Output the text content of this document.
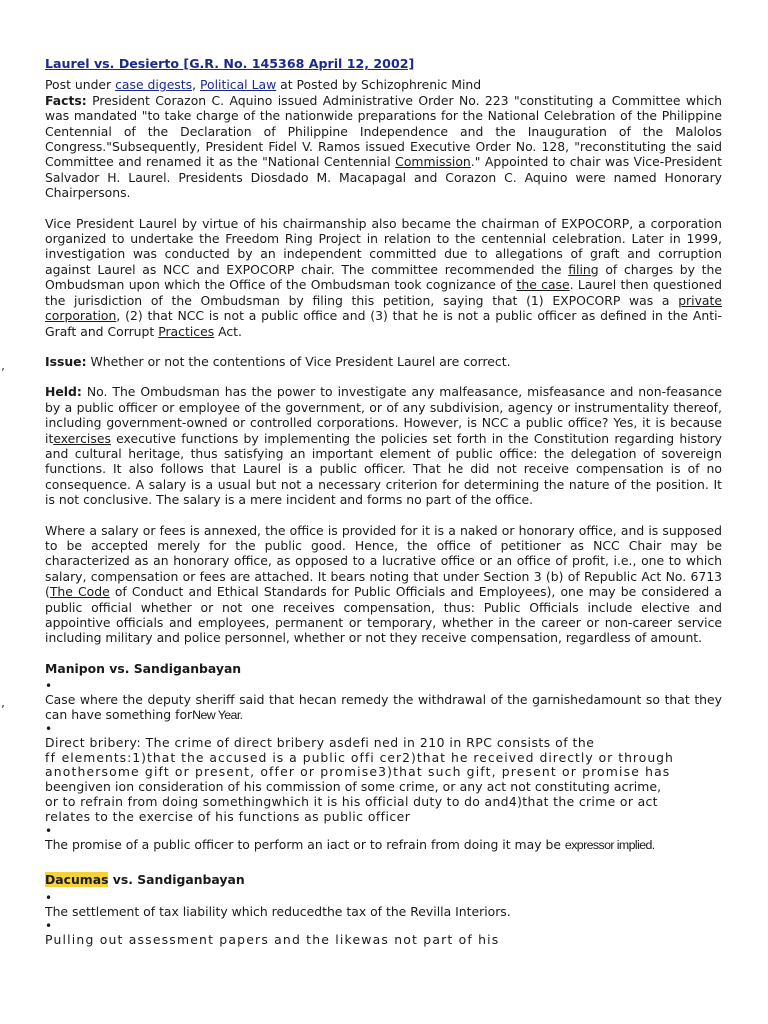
’
’
Laurel vs. Desierto [G.R. No. 145368 April 12, 2002]

Post under case digests, Political Law at Posted by Schizophrenic Mind

Facts: President Corazon C. Aquino issued Administrative Order No. 223 "constituting a Committee which was mandated "to take charge of the nationwide preparations for the National Celebration of the Philippine Centennial of the Declaration of Philippine Independence and the Inauguration of the Malolos Congress."Subsequently, President Fidel V. Ramos issued Executive Order No. 128, "reconstituting the said Committee and renamed it as the "National Centennial Commission." Appointed to chair was Vice-President Salvador H. Laurel. Presidents Diosdado M. Macapagal and Corazon C. Aquino were named Honorary Chairpersons.

Vice President Laurel by virtue of his chairmanship also became the chairman of EXPOCORP, a corporation organized to undertake the Freedom Ring Project in relation to the centennial celebration. Later in 1999, investigation was conducted by an independent committed due to allegations of graft and corruption against Laurel as NCC and EXPOCORP chair. The committee recommended the filing of charges by the Ombudsman upon which the Office of the Ombudsman took cognizance of the case. Laurel then questioned the jurisdiction of the Ombudsman by filing this petition, saying that (1) EXPOCORP was a private corporation, (2) that NCC is not a public office and (3) that he is not a public officer as defined in the Anti-Graft and Corrupt Practices Act.

Issue: Whether or not the contentions of Vice President Laurel are correct.

Held: No. The Ombudsman has the power to investigate any malfeasance, misfeasance and non-feasance by a public officer or employee of the government, or of any subdivision, agency or instrumentality thereof, including government-owned or controlled corporations. However, is NCC a public office? Yes, it is because itexercises executive functions by implementing the policies set forth in the Constitution regarding history and cultural heritage, thus satisfying an important element of public office: the delegation of sovereign functions. It also follows that Laurel is a public officer. That he did not receive compensation is of no consequence. A salary is a usual but not a necessary criterion for determining the nature of the position. It is not conclusive. The salary is a mere incident and forms no part of the office.

Where a salary or fees is annexed, the office is provided for it is a naked or honorary office, and is supposed to be accepted merely for the public good. Hence, the office of petitioner as NCC Chair may be characterized as an honorary office, as opposed to a lucrative office or an office of profit, i.e., one to which salary, compensation or fees are attached. It bears noting that under Section 3 (b) of Republic Act No. 6713 (The Code of Conduct and Ethical Standards for Public Officials and Employees), one may be considered a public official whether or not one receives compensation, thus: Public Officials include elective and appointive officials and employees, permanent or temporary, whether in the career or non-career service including military and police personnel, whether or not they receive compensation, regardless of amount.

Manipon vs. Sandiganbayan

•

Case where the deputy sheriff said that hecan remedy the withdrawal of the garnishedamount so that they can have something forNew Year.

•
Direct bribery: The crime of direct bribery asdefi ned in 210 in RPC consists of the
ff elements:1)that the accused is a public offi cer2)that he received directly or through
anothersome gift or present, offer or promise3)that such gift, present or promise has
beengiven ion consideration of his commission of some crime, or any act not constituting acrime,
or to refrain from doing somethingwhich it is his official duty to do and4)that the crime or act
relates to the exercise of his functions as public officer
•

The promise of a public officer to perform an iact or to refrain from doing it may be expressor implied.

Dacumas vs. Sandiganbayan

•

The settlement of tax liability which reducedthe tax of the Revilla Interiors.

•

Pulling out assessment papers and the likewas not part of his
